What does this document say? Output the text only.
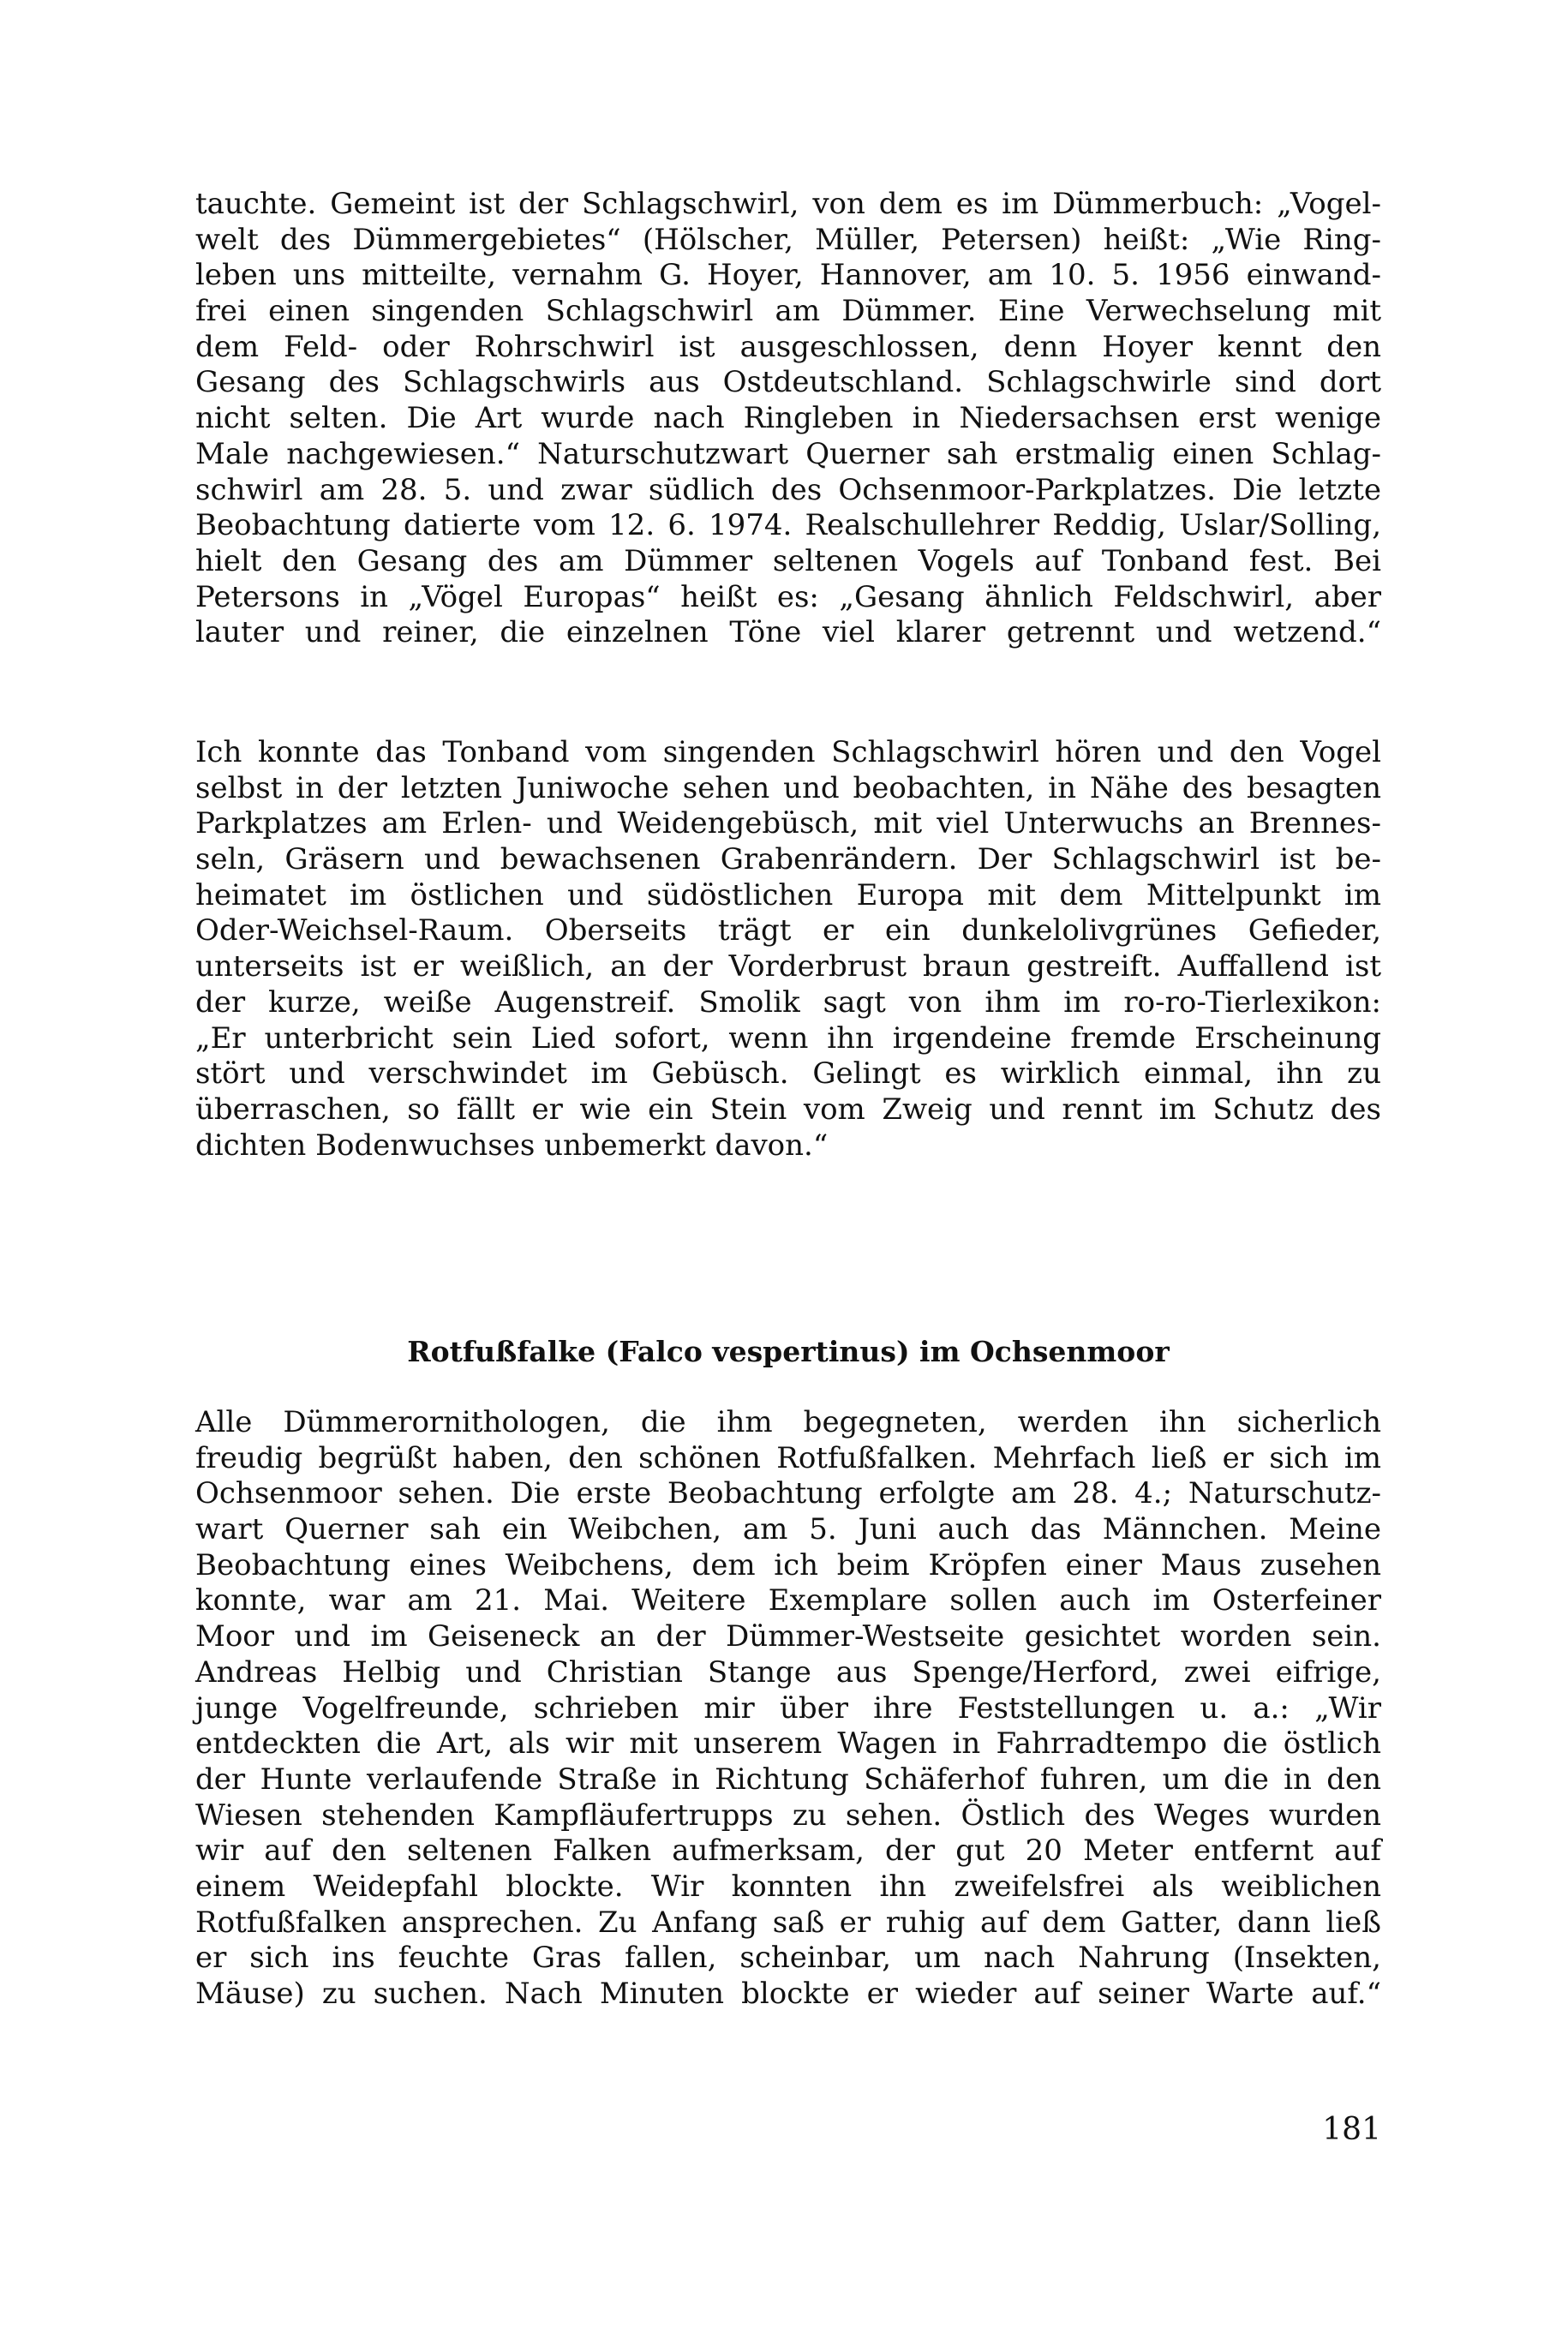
tauchte. Gemeint ist der Schlagschwirl, von dem es im Dümmerbuch: „Vogel-
welt des Dümmergebietes“ (Hölscher, Müller, Petersen) heißt: „Wie Ring-
leben uns mitteilte, vernahm G. Hoyer, Hannover, am 10. 5. 1956 einwand-
frei einen singenden Schlagschwirl am Dümmer. Eine Verwechselung mit
dem Feld- oder Rohrschwirl ist ausgeschlossen, denn Hoyer kennt den
Gesang des Schlagschwirls aus Ostdeutschland. Schlagschwirle sind dort
nicht selten. Die Art wurde nach Ringleben in Niedersachsen erst wenige
Male nachgewiesen.“ Naturschutzwart Querner sah erstmalig einen Schlag-
schwirl am 28. 5. und zwar südlich des Ochsenmoor-Parkplatzes. Die letzte
Beobachtung datierte vom 12. 6. 1974. Realschullehrer Reddig, Uslar/Solling,
hielt den Gesang des am Dümmer seltenen Vogels auf Tonband fest. Bei
Petersons in „Vögel Europas“ heißt es: „Gesang ähnlich Feldschwirl, aber
lauter und reiner, die einzelnen Töne viel klarer getrennt und wetzend.“
Ich konnte das Tonband vom singenden Schlagschwirl hören und den Vogel
selbst in der letzten Juniwoche sehen und beobachten, in Nähe des besagten
Parkplatzes am Erlen- und Weidengebüsch, mit viel Unterwuchs an Brennes-
seln, Gräsern und bewachsenen Grabenrändern. Der Schlagschwirl ist be-
heimatet im östlichen und südöstlichen Europa mit dem Mittelpunkt im
Oder-Weichsel-Raum. Oberseits trägt er ein dunkelolivgrünes Gefieder,
unterseits ist er weißlich, an der Vorderbrust braun gestreift. Auffallend ist
der kurze, weiße Augenstreif. Smolik sagt von ihm im ro-ro-Tierlexikon:
„Er unterbricht sein Lied sofort, wenn ihn irgendeine fremde Erscheinung
stört und verschwindet im Gebüsch. Gelingt es wirklich einmal, ihn zu
überraschen, so fällt er wie ein Stein vom Zweig und rennt im Schutz des
dichten Bodenwuchses unbemerkt davon.“
Rotfußfalke (Falco vespertinus) im Ochsenmoor
Alle Dümmerornithologen, die ihm begegneten, werden ihn sicherlich
freudig begrüßt haben, den schönen Rotfußfalken. Mehrfach ließ er sich im
Ochsenmoor sehen. Die erste Beobachtung erfolgte am 28. 4.; Naturschutz-
wart Querner sah ein Weibchen, am 5. Juni auch das Männchen. Meine
Beobachtung eines Weibchens, dem ich beim Kröpfen einer Maus zusehen
konnte, war am 21. Mai. Weitere Exemplare sollen auch im Osterfeiner
Moor und im Geiseneck an der Dümmer-Westseite gesichtet worden sein.
Andreas Helbig und Christian Stange aus Spenge/Herford, zwei eifrige,
junge Vogelfreunde, schrieben mir über ihre Feststellungen u. a.: „Wir
entdeckten die Art, als wir mit unserem Wagen in Fahrradtempo die östlich
der Hunte verlaufende Straße in Richtung Schäferhof fuhren, um die in den
Wiesen stehenden Kampfläufertrupps zu sehen. Östlich des Weges wurden
wir auf den seltenen Falken aufmerksam, der gut 20 Meter entfernt auf
einem Weidepfahl blockte. Wir konnten ihn zweifelsfrei als weiblichen
Rotfußfalken ansprechen. Zu Anfang saß er ruhig auf dem Gatter, dann ließ
er sich ins feuchte Gras fallen, scheinbar, um nach Nahrung (Insekten,
Mäuse) zu suchen. Nach Minuten blockte er wieder auf seiner Warte auf.“
181
